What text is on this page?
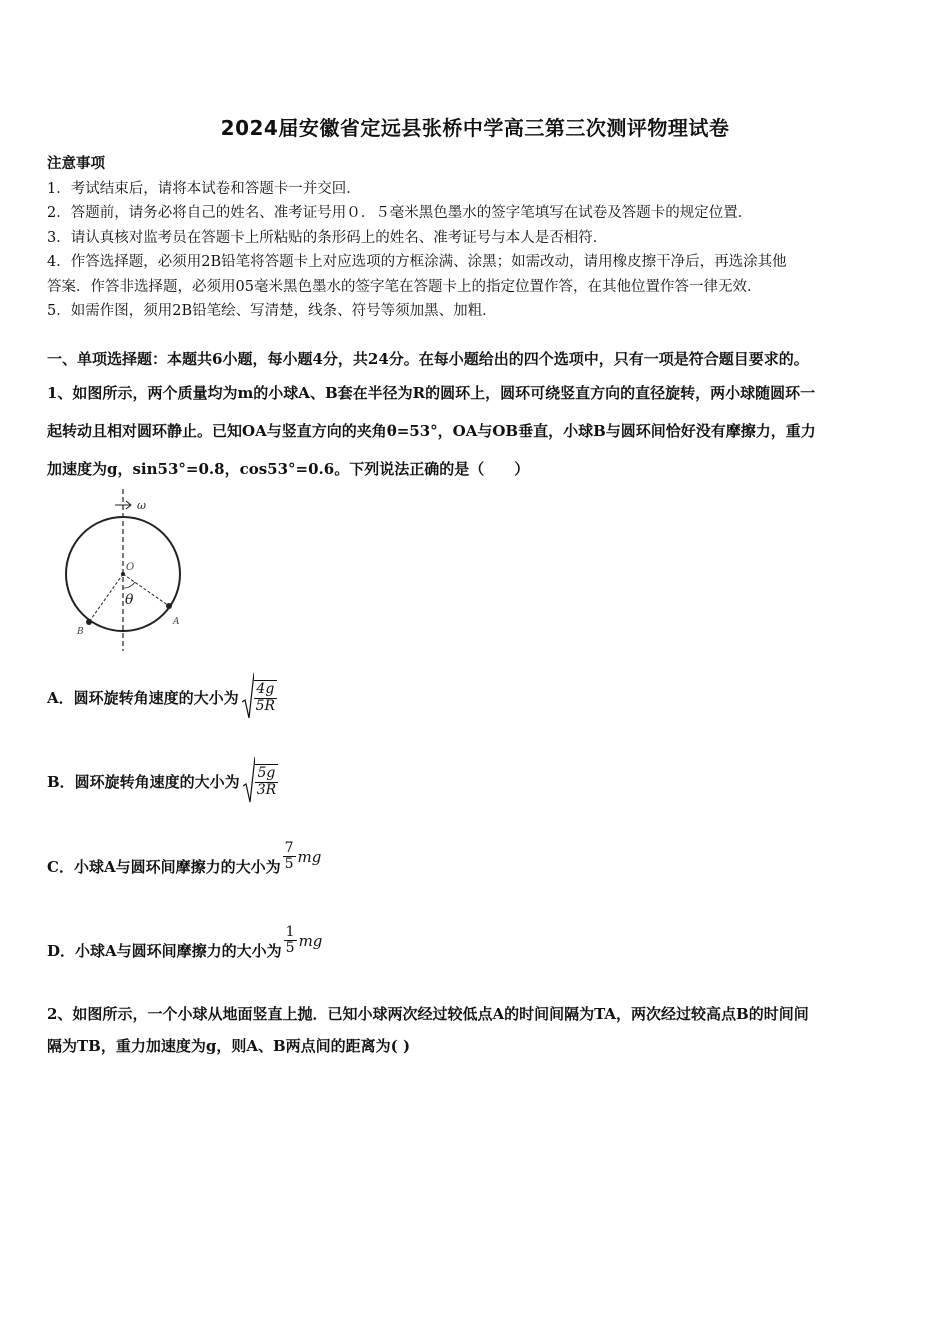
2024届安徽省定远县张桥中学高三第三次测评物理试卷
注意事项
1．考试结束后，请将本试卷和答题卡一并交回．
2．答题前，请务必将自己的姓名、准考证号用０．５毫米黑色墨水的签字笔填写在试卷及答题卡的规定位置．
3．请认真核对监考员在答题卡上所粘贴的条形码上的姓名、准考证号与本人是否相符．
4．作答选择题，必须用2B铅笔将答题卡上对应选项的方框涂满、涂黑；如需改动，请用橡皮擦干净后，再选涂其他
答案．作答非选择题，必须用05毫米黑色墨水的签字笔在答题卡上的指定位置作答，在其他位置作答一律无效．
5．如需作图，须用2B铅笔绘、写清楚，线条、符号等须加黑、加粗．
一、单项选择题：本题共6小题，每小题4分，共24分。在每小题给出的四个选项中，只有一项是符合题目要求的。
1、如图所示，两个质量均为m的小球A、B套在半径为R的圆环上，圆环可绕竖直方向的直径旋转，两小球随圆环一
起转动且相对圆环静止。已知OA与竖直方向的夹角θ=53°，OA与OB垂直，小球B与圆环间恰好没有摩擦力，重力
加速度为g，sin53°=0.8，cos53°=0.6。下列说法正确的是（　　）
ω
O
θ
A
B
A．圆环旋转角速度的大小为 $\frac{4g}{5R}$
B．圆环旋转角速度的大小为 $\frac{5g}{3R}$
C．小球A与圆环间摩擦力的大小为 $\frac{7}{5}$ mg
D．小球A与圆环间摩擦力的大小为 $\frac{1}{5}$ mg
2、如图所示，一个小球从地面竖直上抛．已知小球两次经过较低点A的时间间隔为TA，两次经过较高点B的时间间
隔为TB，重力加速度为g，则A、B两点间的距离为( )
